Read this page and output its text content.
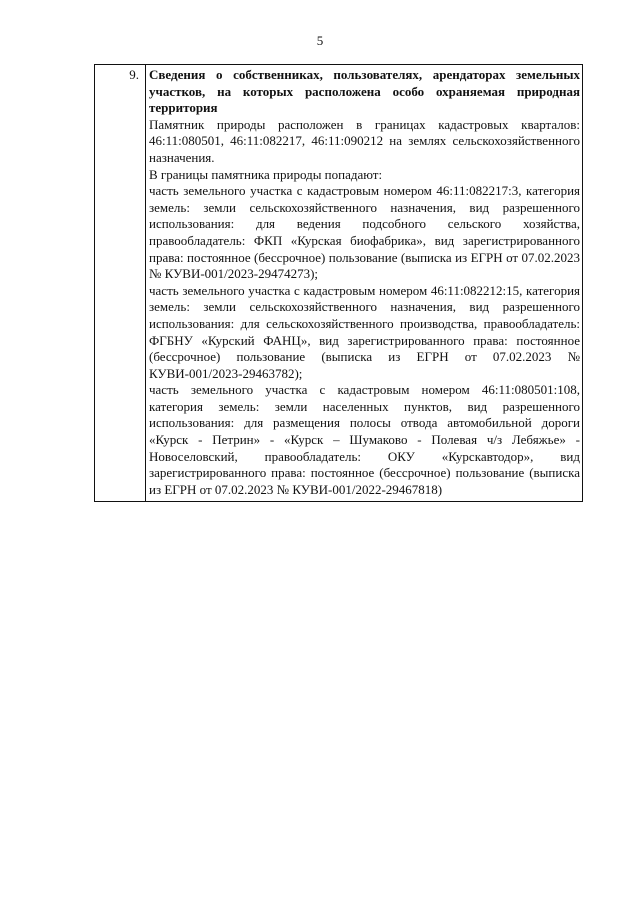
5
9.	Сведения о собственниках, пользователях, арендаторах земельных участков, на которых расположена особо охраняемая природная территория

Памятник природы расположен в границах кадастровых кварталов: 46:11:080501, 46:11:082217, 46:11:090212 на землях сельскохозяйственного назначения.

В границы памятника природы попадают:

часть земельного участка с кадастровым номером 46:11:082217:3, категория земель: земли сельскохозяйственного назначения, вид разрешенного использования: для ведения подсобного сельского хозяйства, правообладатель: ФКП «Курская биофабрика», вид зарегистрированного права: постоянное (бессрочное) пользование (выписка из ЕГРН от 07.02.2023 № КУВИ-001/2023-29474273);

часть земельного участка с кадастровым номером 46:11:082212:15, категория земель: земли сельскохозяйственного назначения, вид разрешенного использования: для сельскохозяйственного производства, правообладатель: ФГБНУ «Курский ФАНЦ», вид зарегистрированного права: постоянное (бессрочное) пользование (выписка из ЕГРН от 07.02.2023 № КУВИ-001/2023-29463782);

часть земельного участка с кадастровым номером 46:11:080501:108, категория земель: земли населенных пунктов, вид разрешенного использования: для размещения полосы отвода автомобильной дороги «Курск - Петрин» - «Курск – Шумаково - Полевая ч/з Лебяжье» - Новоселовский, правообладатель: ОКУ «Курскавтодор», вид зарегистрированного права: постоянное (бессрочное) пользование (выписка из ЕГРН от 07.02.2023 № КУВИ-001/2022-29467818)
